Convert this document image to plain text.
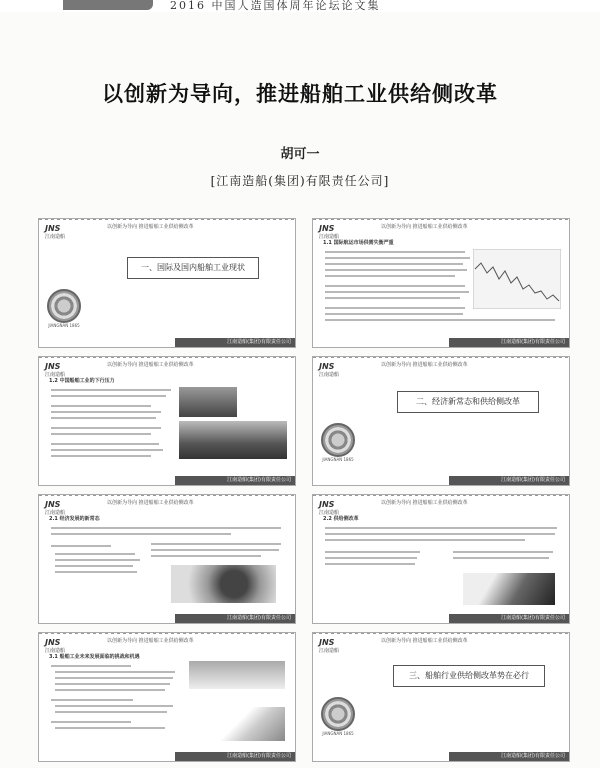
2016 中国人造国体周年论坛论文集
以创新为导向，推进船舶工业供给侧改革
胡可一
[江南造船(集团)有限责任公司]
JNS
江南造船
以创新为导向 推进船舶工业供给侧改革
一、国际及国内船舶工业现状
JIANGNAN 1865
江南造船(集团)有限责任公司
JNS
江南造船
以创新为导向 推进船舶工业供给侧改革
1.1 国际航运市场供需失衡严重
江南造船(集团)有限责任公司
JNS
江南造船
以创新为导向 推进船舶工业供给侧改革
1.2 中国船舶工业的下行压力
江南造船(集团)有限责任公司
JNS
江南造船
以创新为导向 推进船舶工业供给侧改革
二、经济新常态和供给侧改革
JIANGNAN 1865
江南造船(集团)有限责任公司
JNS
江南造船
以创新为导向 推进船舶工业供给侧改革
2.1 经济发展的新常态
江南造船(集团)有限责任公司
JNS
江南造船
以创新为导向 推进船舶工业供给侧改革
2.2 供给侧改革
江南造船(集团)有限责任公司
JNS
江南造船
以创新为导向 推进船舶工业供给侧改革
3.1 船舶工业未来发展面临的挑战和机遇
江南造船(集团)有限责任公司
JNS
江南造船
以创新为导向 推进船舶工业供给侧改革
三、船舶行业供给侧改革势在必行
JIANGNAN 1865
江南造船(集团)有限责任公司
